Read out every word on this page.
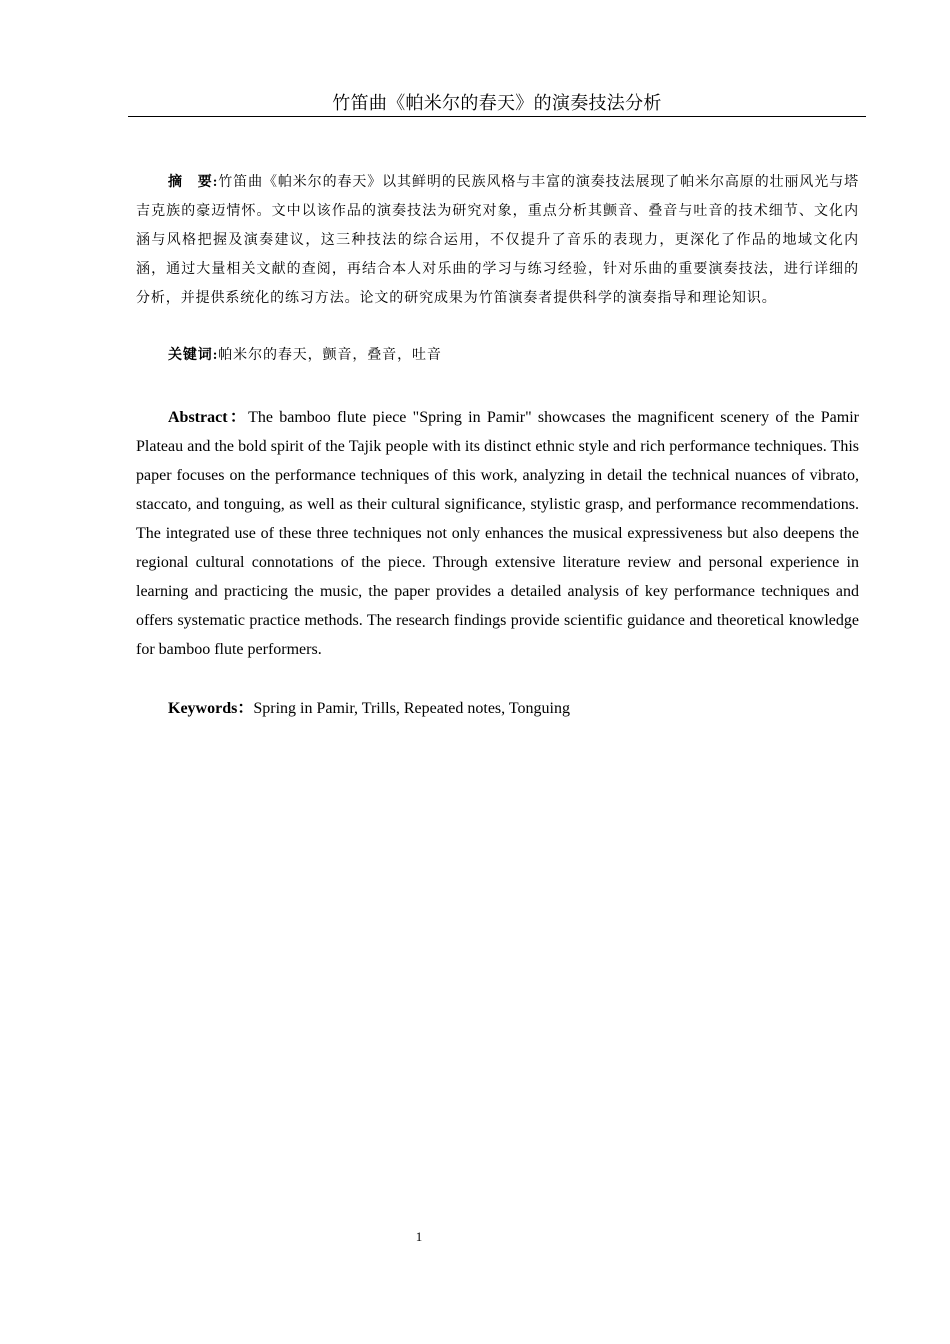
竹笛曲《帕米尔的春天》的演奏技法分析

摘　要:竹笛曲《帕米尔的春天》以其鲜明的民族风格与丰富的演奏技法展现了帕米尔高原的壮丽风光与塔吉克族的豪迈情怀。文中以该作品的演奏技法为研究对象，重点分析其颤音、叠音与吐音的技术细节、文化内涵与风格把握及演奏建议，这三种技法的综合运用，不仅提升了音乐的表现力，更深化了作品的地域文化内涵，通过大量相关文献的查阅，再结合本人对乐曲的学习与练习经验，针对乐曲的重要演奏技法，进行详细的分析，并提供系统化的练习方法。论文的研究成果为竹笛演奏者提供科学的演奏指导和理论知识。

关键词:帕米尔的春天，颤音，叠音，吐音

Abstract：The bamboo flute piece "Spring in Pamir" showcases the magnificent scenery of the Pamir Plateau and the bold spirit of the Tajik people with its distinct ethnic style and rich performance techniques. This paper focuses on the performance techniques of this work, analyzing in detail the technical nuances of vibrato, staccato, and tonguing, as well as their cultural significance, stylistic grasp, and performance recommendations. The integrated use of these three techniques not only enhances the musical expressiveness but also deepens the regional cultural connotations of the piece. Through extensive literature review and personal experience in learning and practicing the music, the paper provides a detailed analysis of key performance techniques and offers systematic practice methods. The research findings provide scientific guidance and theoretical knowledge for bamboo flute performers.

Keywords：Spring in Pamir, Trills, Repeated notes, Tonguing

1
